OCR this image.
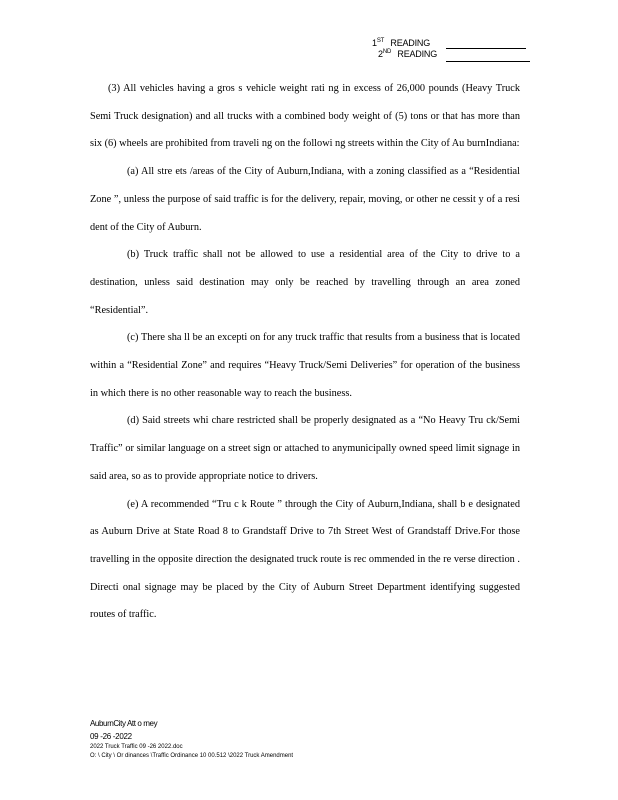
1ST READING
2ND READING

(3) All vehicles having a gros s vehicle weight rati ng in excess of 26,000 pounds (Heavy Truck Semi Truck designation) and all trucks with a combined body weight of (5) tons or that has more than six (6) wheels are prohibited from traveli ng on the followi ng streets within the City of Au burnIndiana:

(a) All stre ets /areas of the City of Auburn,Indiana, with a zoning classified as a “Residential Zone ”, unless the purpose of said traffic is for the delivery, repair, moving, or other ne cessit y of a resi dent of the City of Auburn.

(b) Truck traffic shall not be allowed to use a residential area of the City to drive to a destination, unless said destination may only be reached by travelling through an area zoned “Residential”.

(c) There sha ll be an excepti on for any truck traffic that results from a business that is located within a “Residential Zone” and requires “Heavy Truck/Semi Deliveries” for operation of the business in which there is no other reasonable way to reach the business.

(d) Said streets whi chare restricted shall be properly designated as a “No Heavy Tru ck/Semi Traffic” or similar language on a street sign or attached to anymunicipally owned speed limit signage in said area, so as to provide appropriate notice to drivers.

(e) A recommended “Tru c k Route ” through the City of Auburn,Indiana, shall b e designated as Auburn Drive at State Road 8 to Grandstaff Drive to 7th Street West of Grandstaff Drive.For those travelling in the opposite direction the designated truck route is rec ommended in the re verse direction . Directi onal signage may be placed by the City of Auburn Street Department identifying suggested routes of traffic.

AuburnCity Att o rney
09 -26 -2022
2022 Truck Traffic 09 -26 2022.doc
O: \ City \ Or dinances \Traffic Ordinance 10 00.512 \2022 Truck Amendment
